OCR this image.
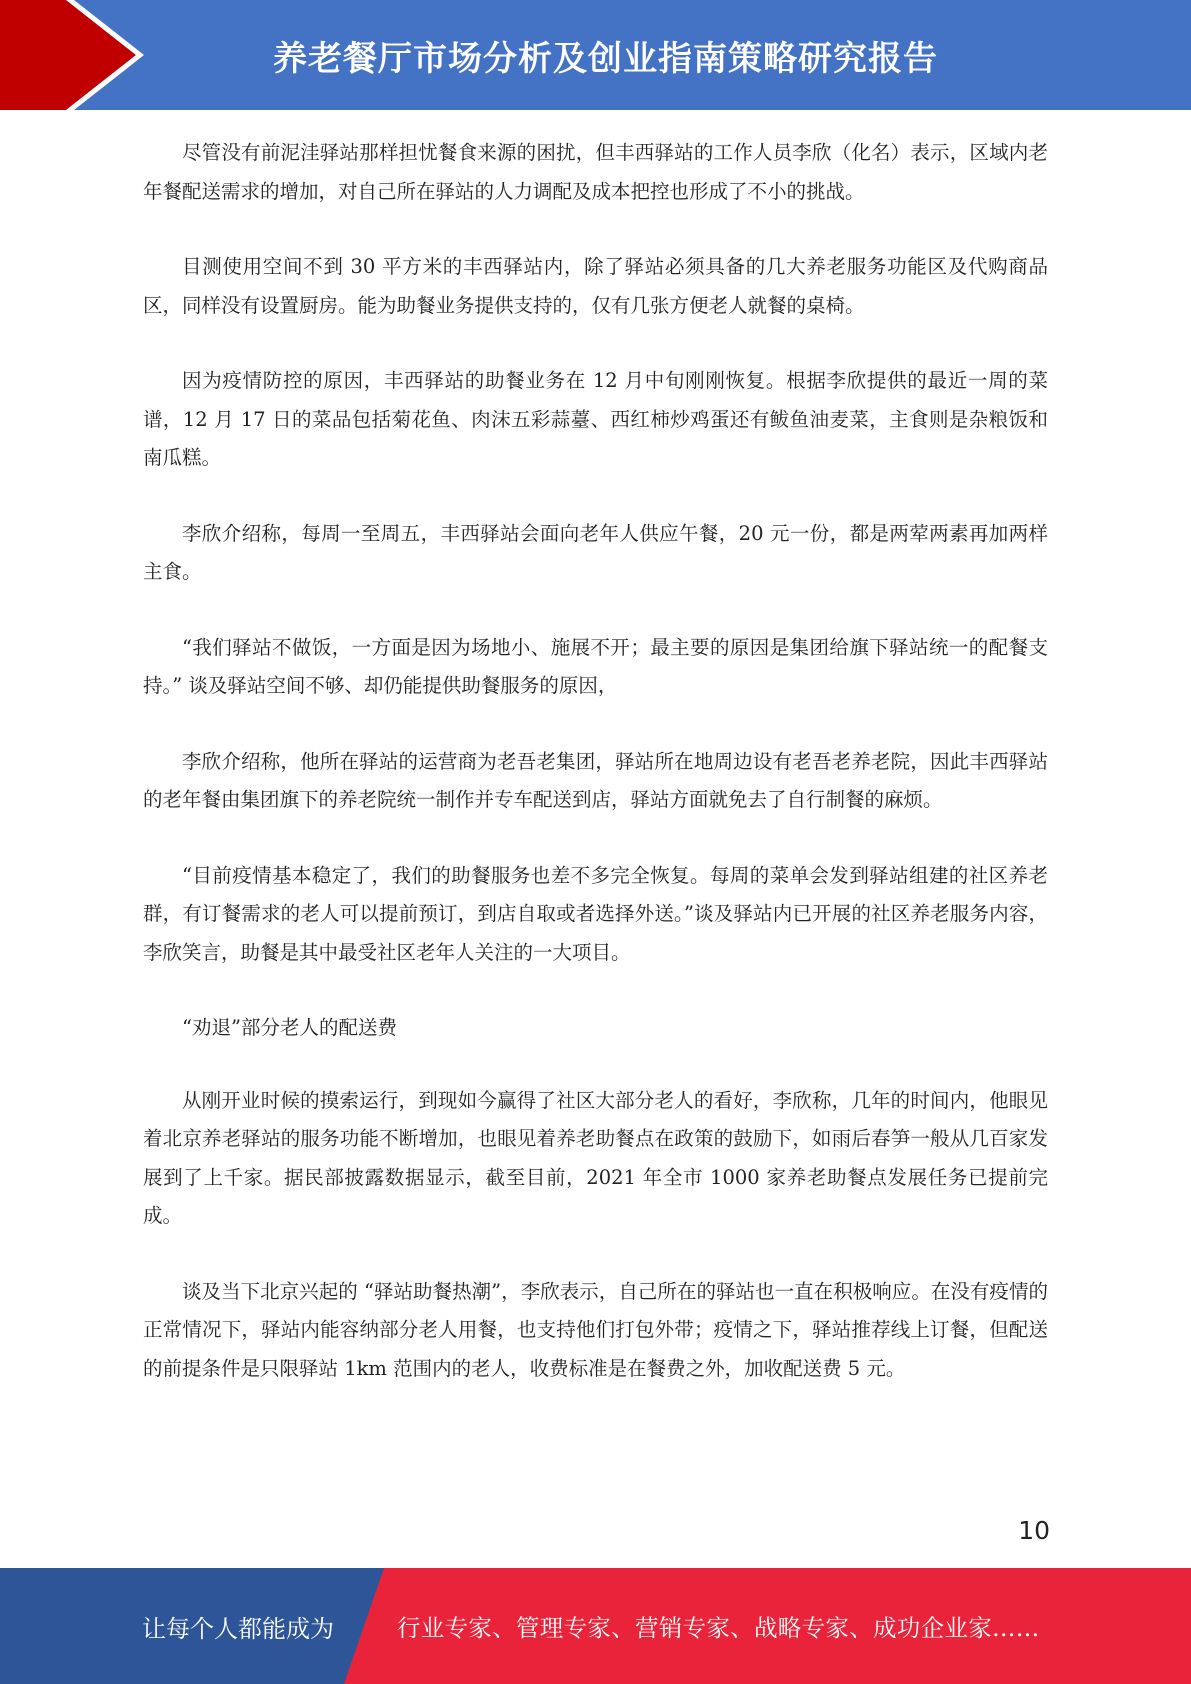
养老餐厅市场分析及创业指南策略研究报告

尽管没有前泥洼驿站那样担忧餐食来源的困扰，但丰西驿站的工作人员李欣（化名）表示，区域内老年餐配送需求的增加，对自己所在驿站的人力调配及成本把控也形成了不小的挑战。

目测使用空间不到 30 平方米的丰西驿站内，除了驿站必须具备的几大养老服务功能区及代购商品区，同样没有设置厨房。能为助餐业务提供支持的，仅有几张方便老人就餐的桌椅。

因为疫情防控的原因，丰西驿站的助餐业务在 12 月中旬刚刚恢复。根据李欣提供的最近一周的菜谱，12 月 17 日的菜品包括菊花鱼、肉沫五彩蒜薹、西红柿炒鸡蛋还有鲅鱼油麦菜，主食则是杂粮饭和南瓜糕。

李欣介绍称，每周一至周五，丰西驿站会面向老年人供应午餐，20 元一份，都是两荤两素再加两样主食。

“我们驿站不做饭，一方面是因为场地小、施展不开；最主要的原因是集团给旗下驿站统一的配餐支持。” 谈及驿站空间不够、却仍能提供助餐服务的原因，

李欣介绍称，他所在驿站的运营商为老吾老集团，驿站所在地周边设有老吾老养老院，因此丰西驿站的老年餐由集团旗下的养老院统一制作并专车配送到店，驿站方面就免去了自行制餐的麻烦。

“目前疫情基本稳定了，我们的助餐服务也差不多完全恢复。每周的菜单会发到驿站组建的社区养老群，有订餐需求的老人可以提前预订，到店自取或者选择外送。”谈及驿站内已开展的社区养老服务内容，李欣笑言，助餐是其中最受社区老年人关注的一大项目。

“劝退”部分老人的配送费

从刚开业时候的摸索运行，到现如今赢得了社区大部分老人的看好，李欣称，几年的时间内，他眼见着北京养老驿站的服务功能不断增加，也眼见着养老助餐点在政策的鼓励下，如雨后春笋一般从几百家发展到了上千家。据民部披露数据显示，截至目前，2021 年全市 1000 家养老助餐点发展任务已提前完成。

谈及当下北京兴起的 “驿站助餐热潮”，李欣表示，自己所在的驿站也一直在积极响应。在没有疫情的正常情况下，驿站内能容纳部分老人用餐，也支持他们打包外带；疫情之下，驿站推荐线上订餐，但配送的前提条件是只限驿站 1km 范围内的老人，收费标准是在餐费之外，加收配送费 5 元。

10
让每个人都能成为	行业专家、管理专家、营销专家、战略专家、成功企业家……
